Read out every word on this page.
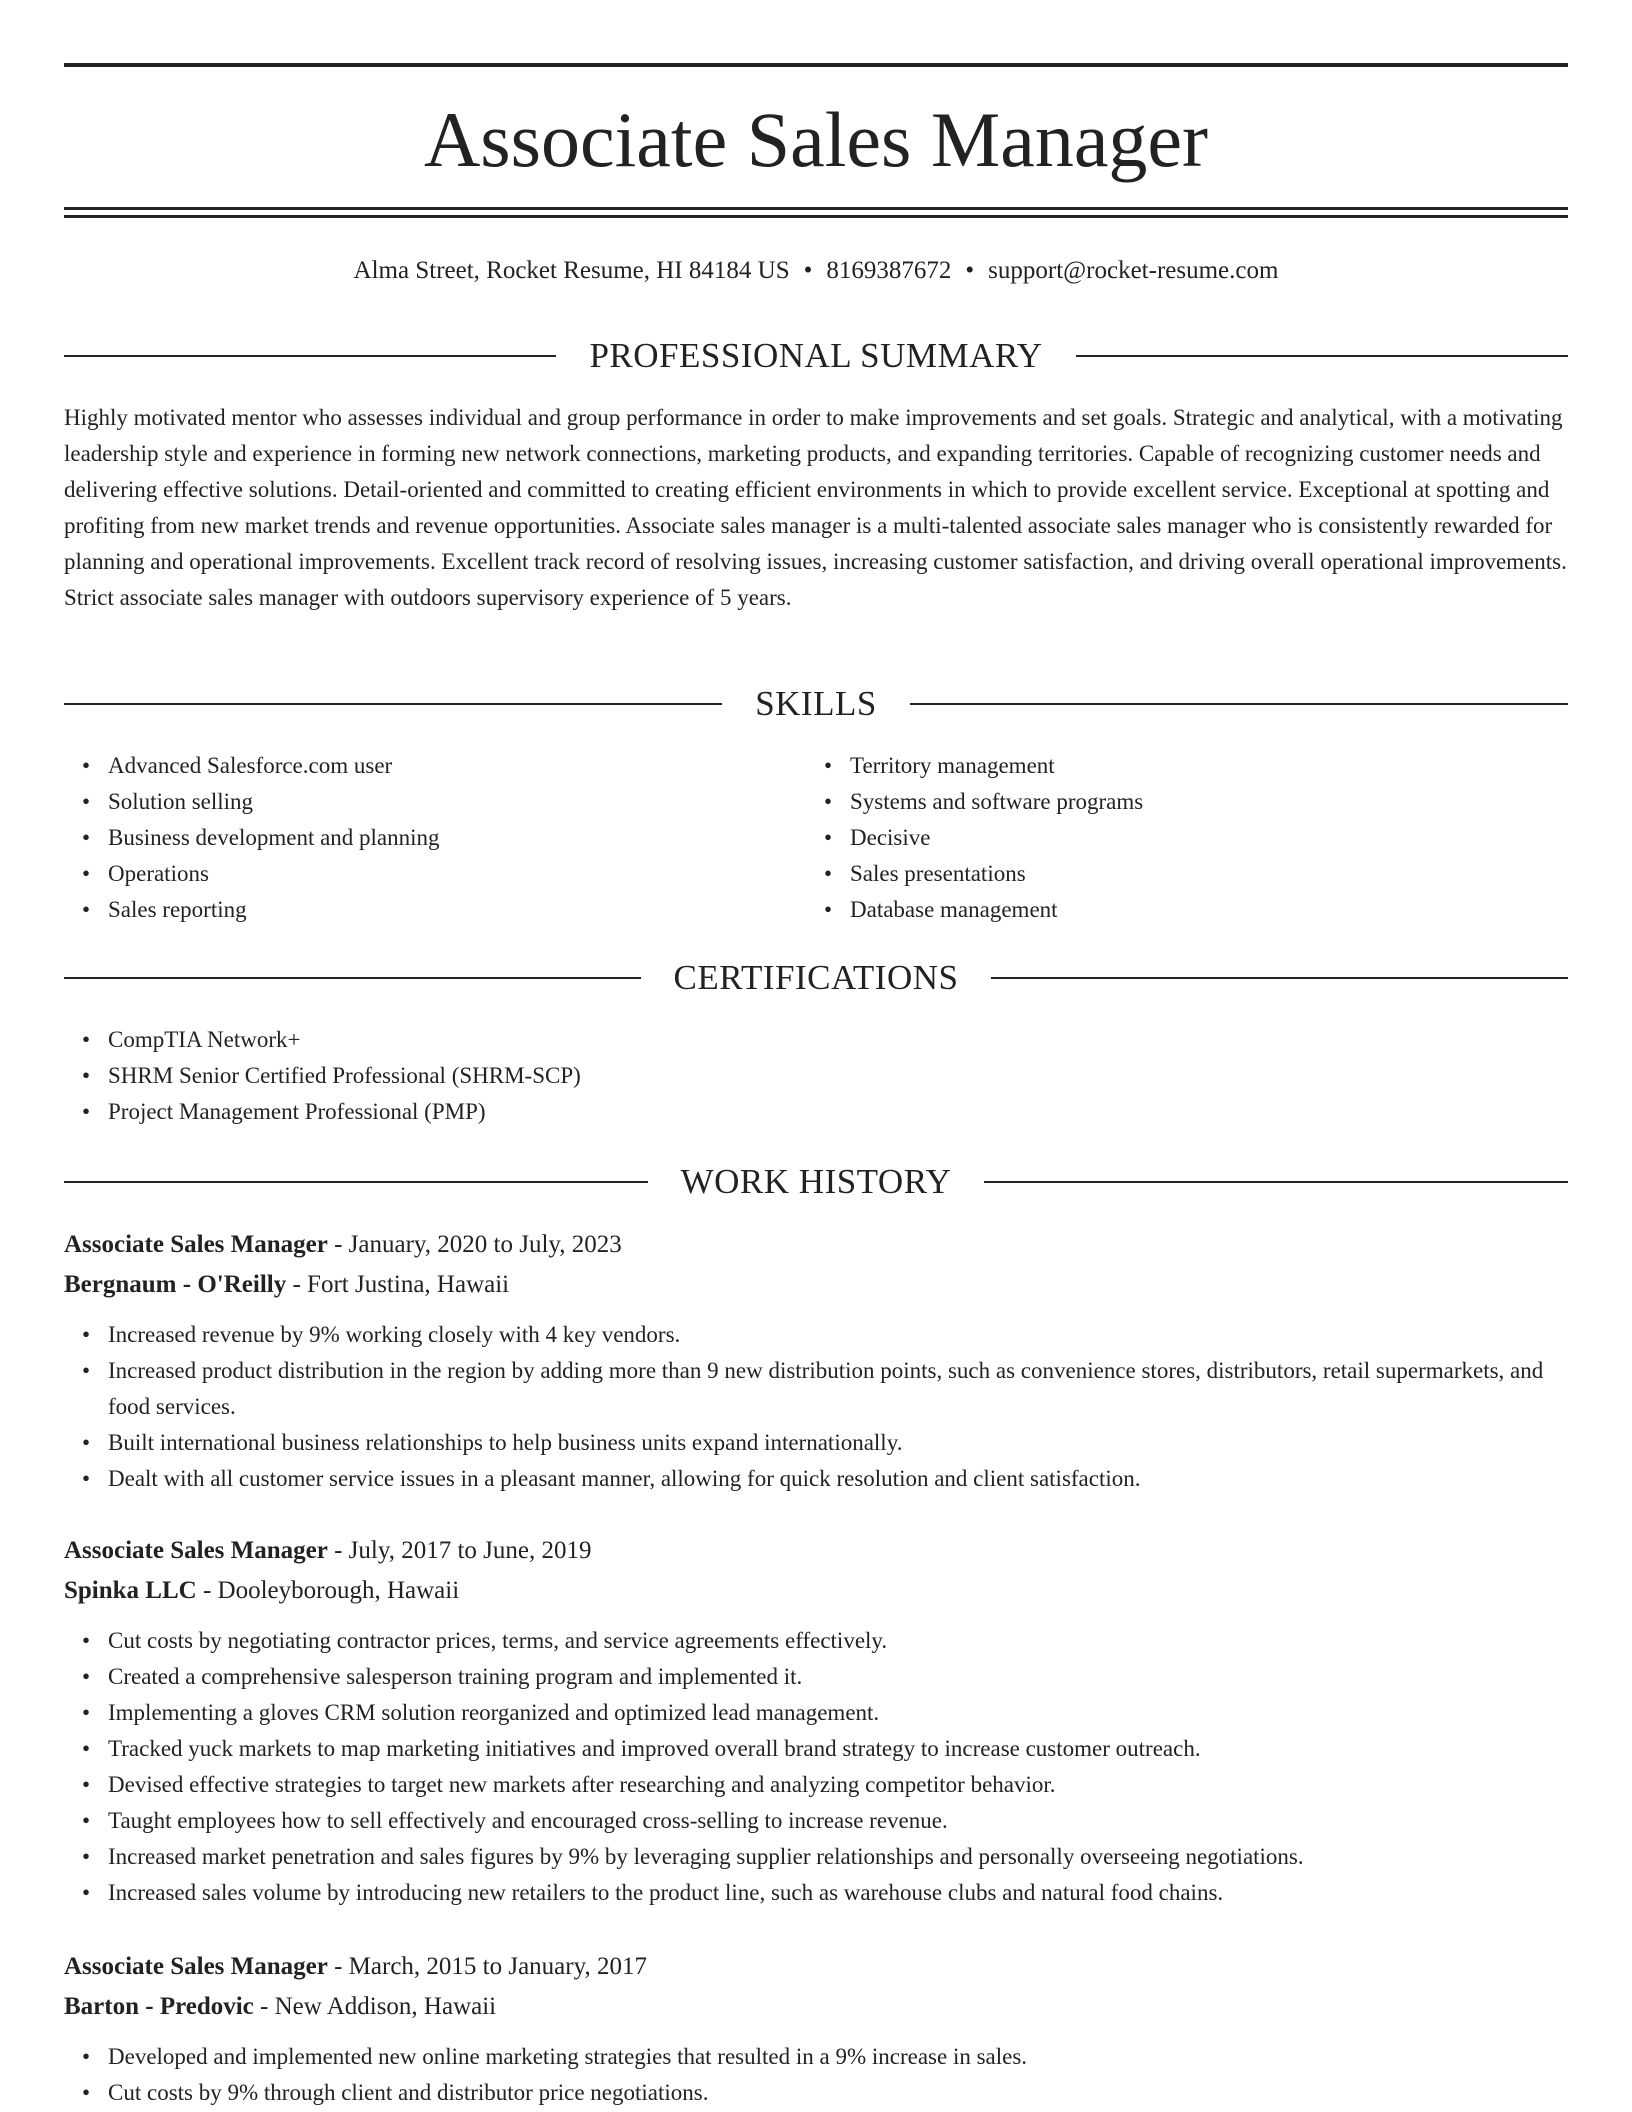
Associate Sales Manager
Alma Street, Rocket Resume, HI 84184 US • 8169387672 • support@rocket-resume.com
PROFESSIONAL SUMMARY

Highly motivated mentor who assesses individual and group performance in order to make improvements and set goals. Strategic and analytical, with a motivating leadership style and experience in forming new network connections, marketing products, and expanding territories. Capable of recognizing customer needs and delivering effective solutions. Detail-oriented and committed to creating efficient environments in which to provide excellent service. Exceptional at spotting and profiting from new market trends and revenue opportunities. Associate sales manager is a multi-talented associate sales manager who is consistently rewarded for planning and operational improvements. Excellent track record of resolving issues, increasing customer satisfaction, and driving overall operational improvements. Strict associate sales manager with outdoors supervisory experience of 5 years.

SKILLS
• Advanced Salesforce.com user
• Solution selling
• Business development and planning
• Operations
• Sales reporting
• Territory management
• Systems and software programs
• Decisive
• Sales presentations
• Database management
CERTIFICATIONS
• CompTIA Network+
• SHRM Senior Certified Professional (SHRM-SCP)
• Project Management Professional (PMP)
WORK HISTORY
Associate Sales Manager - January, 2020 to July, 2023
Bergnaum - O'Reilly - Fort Justina, Hawaii
• Increased revenue by 9% working closely with 4 key vendors.
• Increased product distribution in the region by adding more than 9 new distribution points, such as convenience stores, distributors, retail supermarkets, and food services.
• Built international business relationships to help business units expand internationally.
• Dealt with all customer service issues in a pleasant manner, allowing for quick resolution and client satisfaction.
Associate Sales Manager - July, 2017 to June, 2019
Spinka LLC - Dooleyborough, Hawaii
• Cut costs by negotiating contractor prices, terms, and service agreements effectively.
• Created a comprehensive salesperson training program and implemented it.
• Implementing a gloves CRM solution reorganized and optimized lead management.
• Tracked yuck markets to map marketing initiatives and improved overall brand strategy to increase customer outreach.
• Devised effective strategies to target new markets after researching and analyzing competitor behavior.
• Taught employees how to sell effectively and encouraged cross-selling to increase revenue.
• Increased market penetration and sales figures by 9% by leveraging supplier relationships and personally overseeing negotiations.
• Increased sales volume by introducing new retailers to the product line, such as warehouse clubs and natural food chains.
Associate Sales Manager - March, 2015 to January, 2017
Barton - Predovic - New Addison, Hawaii
• Developed and implemented new online marketing strategies that resulted in a 9% increase in sales.
• Cut costs by 9% through client and distributor price negotiations.
